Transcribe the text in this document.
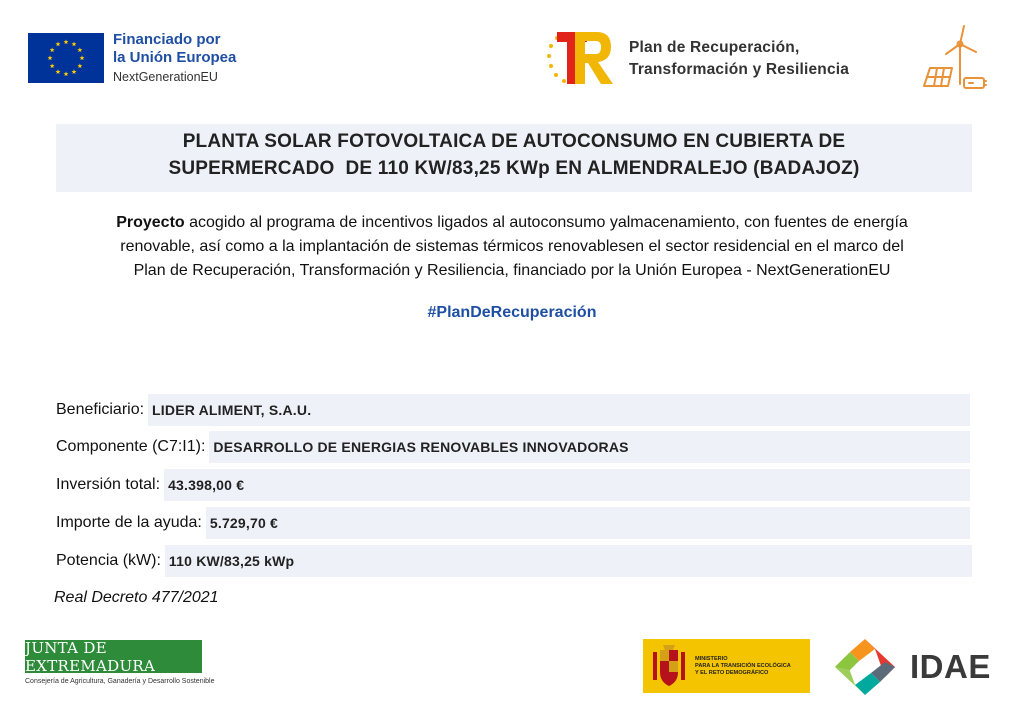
Financiado por
la Unión Europea
NextGenerationEU
Plan de Recuperación,
Transformación y Resiliencia
PLANTA SOLAR FOTOVOLTAICA DE AUTOCONSUMO EN CUBIERTA DE
SUPERMERCADO  DE 110 KW/83,25 KWp EN ALMENDRALEJO (BADAJOZ)
Proyecto acogido al programa de incentivos ligados al autoconsumo yalmacenamiento, con fuentes de energía
renovable, así como a la implantación de sistemas térmicos renovablesen el sector residencial en el marco del
Plan de Recuperación, Transformación y Resiliencia, financiado por la Unión Europea - NextGenerationEU
#PlanDeRecuperación
Beneficiario: LIDER ALIMENT, S.A.U.
Componente (C7:I1): DESARROLLO DE ENERGIAS RENOVABLES INNOVADORAS
Inversión total: 43.398,00 €
Importe de la ayuda: 5.729,70 €
Potencia (kW): 110 KW/83,25 kWp
Real Decreto 477/2021
JUNTA DE EXTREMADURA
Consejería de Agricultura, Ganadería y Desarrollo Sostenible
MINISTERIO
PARA LA TRANSICIÓN ECOLÓGICA
Y EL RETO DEMOGRÁFICO	IDAE
